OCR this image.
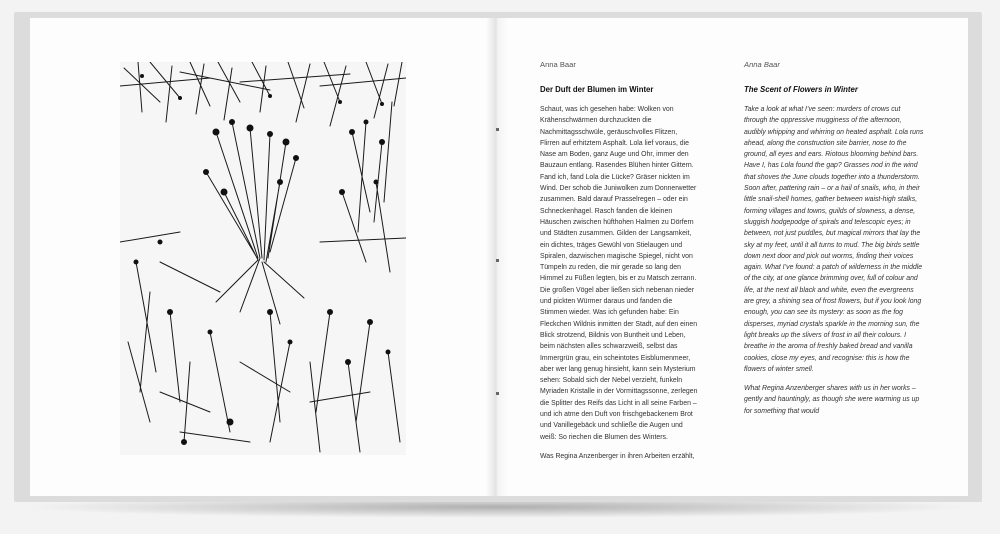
Anna Baar

Der Duft der Blumen im Winter

Schaut, was ich gesehen habe: Wolken von Krähenschwärmen durchzuckten die Nachmittagsschwüle, geräuschvolles Flitzen, Flirren auf erhitztem Asphalt. Lola lief voraus, die Nase am Boden, ganz Auge und Ohr, immer den Bauzaun entlang. Rasendes Blühen hinter Gittern. Fand ich, fand Lola die Lücke? Gräser nickten im Wind. Der schob die Juniwolken zum Donnerwetter zusammen. Bald darauf Prasselregen – oder ein Schneckenhagel. Rasch fanden die kleinen Häuschen zwischen hüfthohen Halmen zu Dörfern und Städten zusammen. Gilden der Langsamkeit, ein dichtes, träges Gewühl von Stielaugen und Spiralen, dazwischen magische Spiegel, nicht von Tümpeln zu reden, die mir gerade so lang den Himmel zu Füßen legten, bis er zu Matsch zerrann. Die großen Vögel aber ließen sich nebenan nieder und pickten Würmer daraus und fanden die Stimmen wieder. Was ich gefunden habe: Ein Fleckchen Wildnis inmitten der Stadt, auf den einen Blick strotzend, Bildnis von Buntheit und Leben, beim nächsten alles schwarzweiß, selbst das Immergrün grau, ein scheintotes Eisblumenmeer, aber wer lang genug hinsieht, kann sein Mysterium sehen: Sobald sich der Nebel verzieht, funkeln Myriaden Kristalle in der Vormittagssonne, zerlegen die Splitter des Reifs das Licht in all seine Farben – und ich atme den Duft von frischgebackenem Brot und Vanillegebäck und schließe die Augen und weiß: So riechen die Blumen des Winters.

Was Regina Anzenberger in ihren Arbeiten erzählt,

Anna Baar

The Scent of Flowers in Winter

Take a look at what I’ve seen: murders of crows cut through the oppressive mugginess of the afternoon, audibly whipping and whirring on heated asphalt. Lola runs ahead, along the construction site barrier, nose to the ground, all eyes and ears. Riotous blooming behind bars. Have I, has Lola found the gap? Grasses nod in the wind that shoves the June clouds together into a thunderstorm. Soon after, pattering rain – or a hail of snails, who, in their little snail-shell homes, gather between waist-high stalks, forming villages and towns, guilds of slowness, a dense, sluggish hodgepodge of spirals and telescopic eyes; in between, not just puddles, but magical mirrors that lay the sky at my feet, until it all turns to mud. The big birds settle down next door and pick out worms, finding their voices again. What I’ve found: a patch of wilderness in the middle of the city, at one glance brimming over, full of colour and life, at the next all black and white, even the evergreens are grey, a shining sea of frost flowers, but if you look long enough, you can see its mystery: as soon as the fog disperses, myriad crystals sparkle in the morning sun, the light breaks up the slivers of frost in all their colours. I breathe in the aroma of freshly baked bread and vanilla cookies, close my eyes, and recognise: this is how the flowers of winter smell.

What Regina Anzenberger shares with us in her works – gently and hauntingly, as though she were warming us up for something that would
